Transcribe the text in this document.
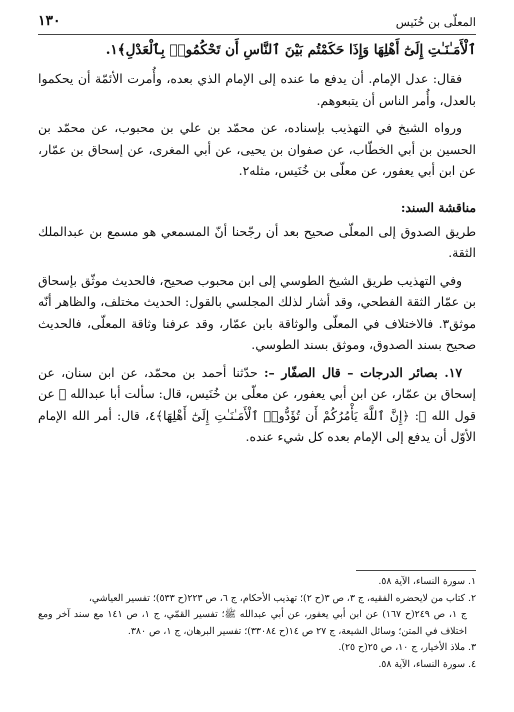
المعلّى بن خُنَيس
١٣٠

ٱلْأَمَـٰنَـٰتِ إِلَىٰٓ أَهْلِهَا وَإِذَا حَكَمْتُم بَيْنَ ٱلنَّاسِ أَن تَحْكُمُوا۟ بِٱلْعَدْلِ﴾١.

فقال: عدل الإمام. أن يدفع ما عنده إلى الإمام الذي بعده، وأُمرت الأئمّة أن يحكموا بالعدل، وأُمر الناس أن يتبعوهم.

ورواه الشيخ في التهذيب بإسناده، عن محمّد بن علي بن محبوب، عن محمّد بن الحسين بن أبي الخطّاب، عن صفوان بن يحيى، عن أبي المغرى، عن إسحاق بن عمّار، عن ابن أبي يعفور، عن معلّى بن خُنَيس، مثله٢.

مناقشة السند:

طريق الصدوق إلى المعلّى صحيح بعد أن رجّحنا أنّ المسمعي هو مسمع بن عبدالملك الثقة.

وفي التهذيب طريق الشيخ الطوسي إلى ابن محبوب صحيح، فالحديث موثّق بإسحاق بن عمّار الثقة الفطحي، وقد أشار لذلك المجلسي بالقول: الحديث مختلف، والظاهر أنّه موثق٣. فالاختلاف في المعلّى والوثاقة بابن عمّار، وقد عرفنا وثاقة المعلّى، فالحديث صحيح بسند الصدوق، وموثق بسند الطوسي.

١٧. بصائر الدرجات – قال الصفّار –: حدّثنا أحمد بن محمّد، عن ابن سنان، عن إسحاق بن عمّار، عن ابن أبي يعفور، عن معلّى بن خُنَيس، قال: سألت أبا عبدالله ﷺ عن قول الله ﷻ: ﴿إِنَّ ٱللَّهَ يَأْمُرُكُمْ أَن تُؤَدُّوا۟ ٱلْأَمَـٰنَـٰتِ إِلَىٰٓ أَهْلِهَا﴾٤، قال: أمر الله الإمام الأوّل أن يدفع إلى الإمام بعده كل شيء عنده.

١. سورة النساء، الآية ٥٨.
٢. كتاب من لايحضره الفقيه، ج ٣، ص ٣(ح ٢)؛ تهذيب الأحكام، ج ٦، ص ٢٢٣(ح ٥٣٣)؛ تفسير العياشي،
ج ١، ص ٢٤٩(ح ١٦٧) عن ابن أبي يعفور، عن أبي عبدالله ﷺ؛ تفسير القمّي، ج ١، ص ١٤١ مع سند آخر ومع اختلاف في المتن؛ وسائل الشيعة، ج ٢٧ ص ١٤(ح ٣٣٠٨٤)؛ تفسير البرهان، ج ١، ص ٣٨٠.
٣. ملاذ الأخيار، ج ١٠، ص ٢٥(ح ٢٥).
٤. سورة النساء، الآية ٥٨.
